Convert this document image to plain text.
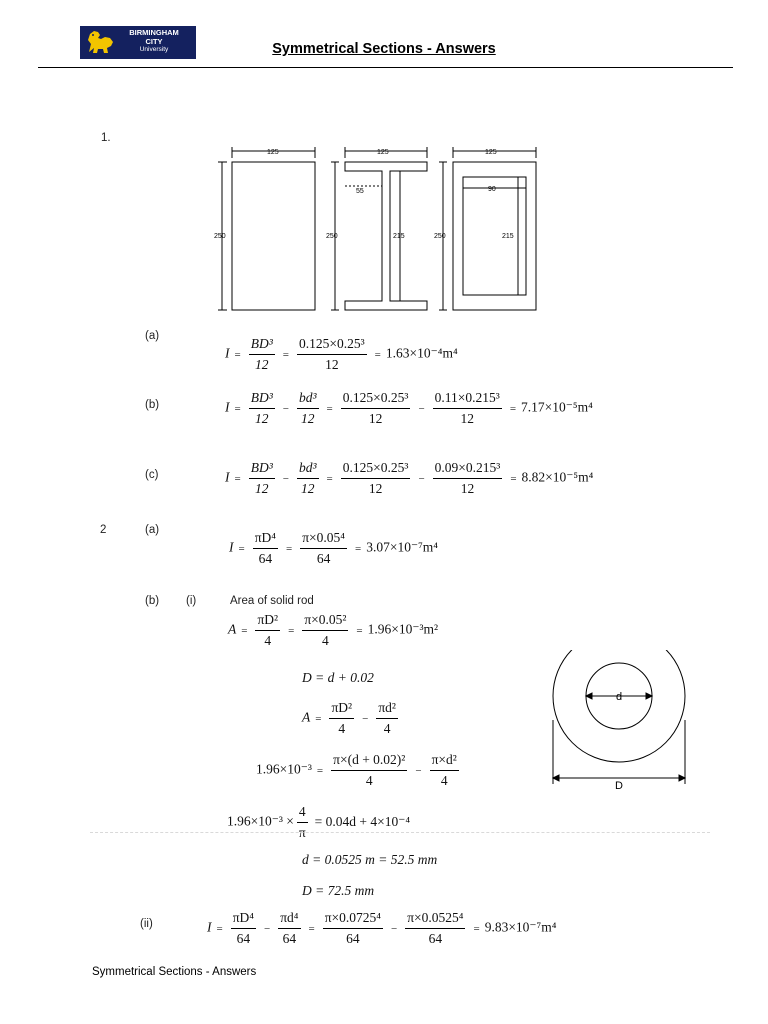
BIRMINGHAM
CITY
University	Symmetrical Sections - Answers
1.
125
250
125
250
55
215
125
250
90
215
(a)
$I = \frac{\text{BD³}}{12} = \frac{\text{0.125×0.25³}}{12} = 1.63\times 10^{-4}m^4$
(b)	$I = \frac{\text{BD³}}{12} - \frac{\text{bd³}}{12} = \frac{\text{0.125×0.25³}}{12} - \frac{\text{0.11×0.215³}}{12} = 7.17\times 10^{-5}m^4$
(c)	$I = \frac{\text{BD³}}{12} - \frac{\text{bd³}}{12} = \frac{\text{0.125×0.25³}}{12} - \frac{\text{0.09×0.215³}}{12} = 8.82\times 10^{-5}m^4$
2	(a)
$I = \frac{\text{πD⁴}}{64} = \frac{\text{π×0.05⁴}}{64} = 3.07\times 10^{-7}m^4$
(b) (i)	Area of solid rod
$A = \frac{\text{πD²}}{4} = \frac{\text{π×0.05²}}{4} = 1.96\times 10^{-3}m^2$
D = d + 0.02
$A = \frac{\text{πD²}}{4} - \frac{\text{πd²}}{4}$
$1.96\times 10^{-3} = \frac{\text{π×(d + 0.02)²}}{4} - \frac{\text{π×d²}}{4}$
$1.96\times 10^{-3} \times \frac{4}{\pi} = 0.04d + 4\times 10^{-4}$
d = 0.0525 m = 52.5 mm
D = 72.5 mm
d
D
(ii)	$I = \frac{\text{πD⁴}}{64} - \frac{\text{πd⁴}}{64} = \frac{\text{π×0.0725⁴}}{64} - \frac{\text{π×0.0525⁴}}{64} = 9.83\times 10^{-7}m^4$
Symmetrical Sections - Answers
